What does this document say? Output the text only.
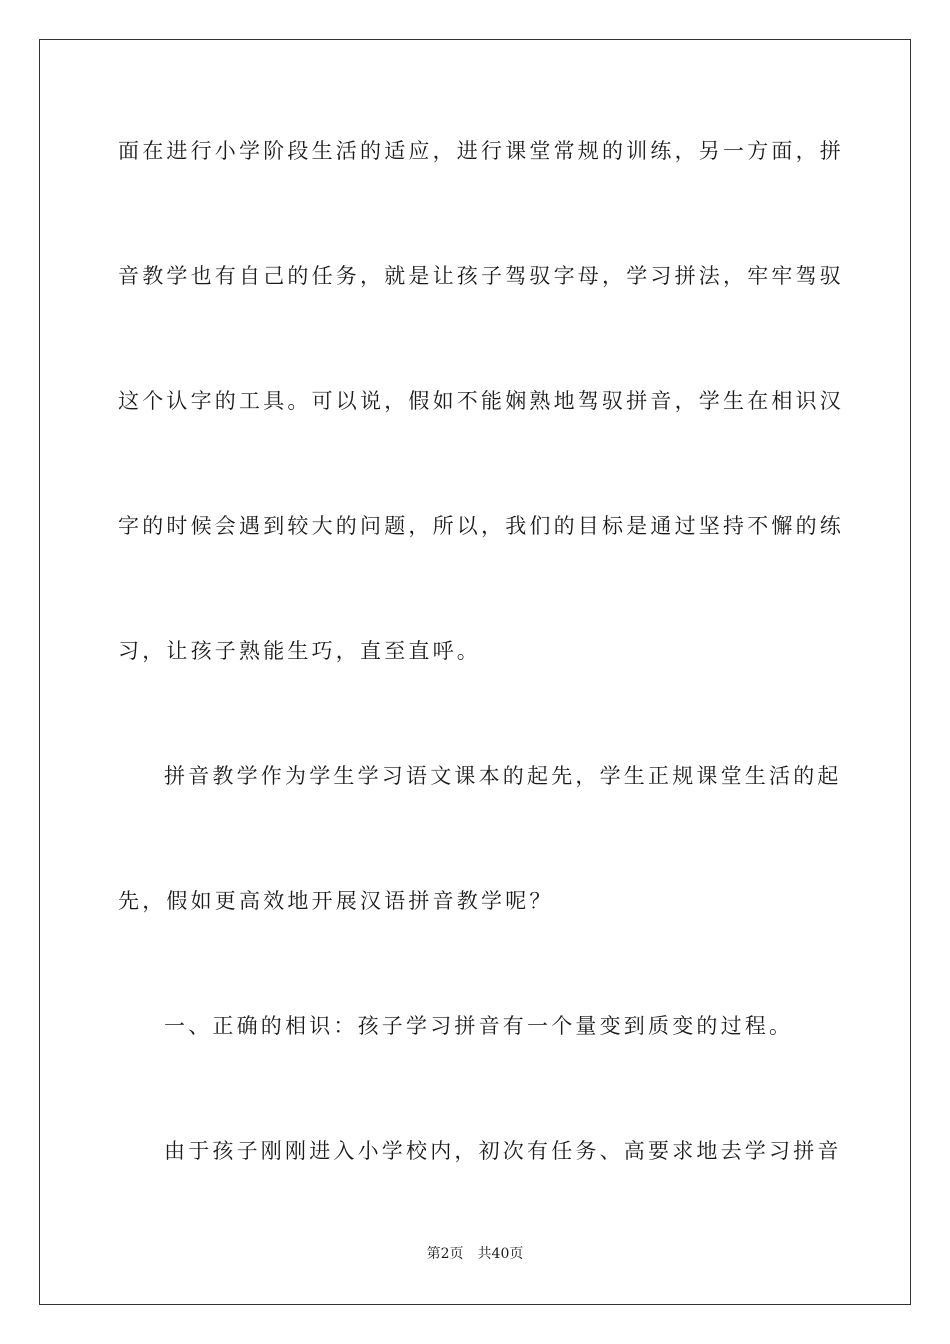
面在进行小学阶段生活的适应，进行课堂常规的训练，另一方面，拼
音教学也有自己的任务，就是让孩子驾驭字母，学习拼法，牢牢驾驭
这个认字的工具。可以说，假如不能娴熟地驾驭拼音，学生在相识汉
字的时候会遇到较大的问题，所以，我们的目标是通过坚持不懈的练
习，让孩子熟能生巧，直至直呼。
拼音教学作为学生学习语文课本的起先，学生正规课堂生活的起
先，假如更高效地开展汉语拼音教学呢？
一、正确的相识：孩子学习拼音有一个量变到质变的过程。
由于孩子刚刚进入小学校内，初次有任务、高要求地去学习拼音
第2页　共40页
